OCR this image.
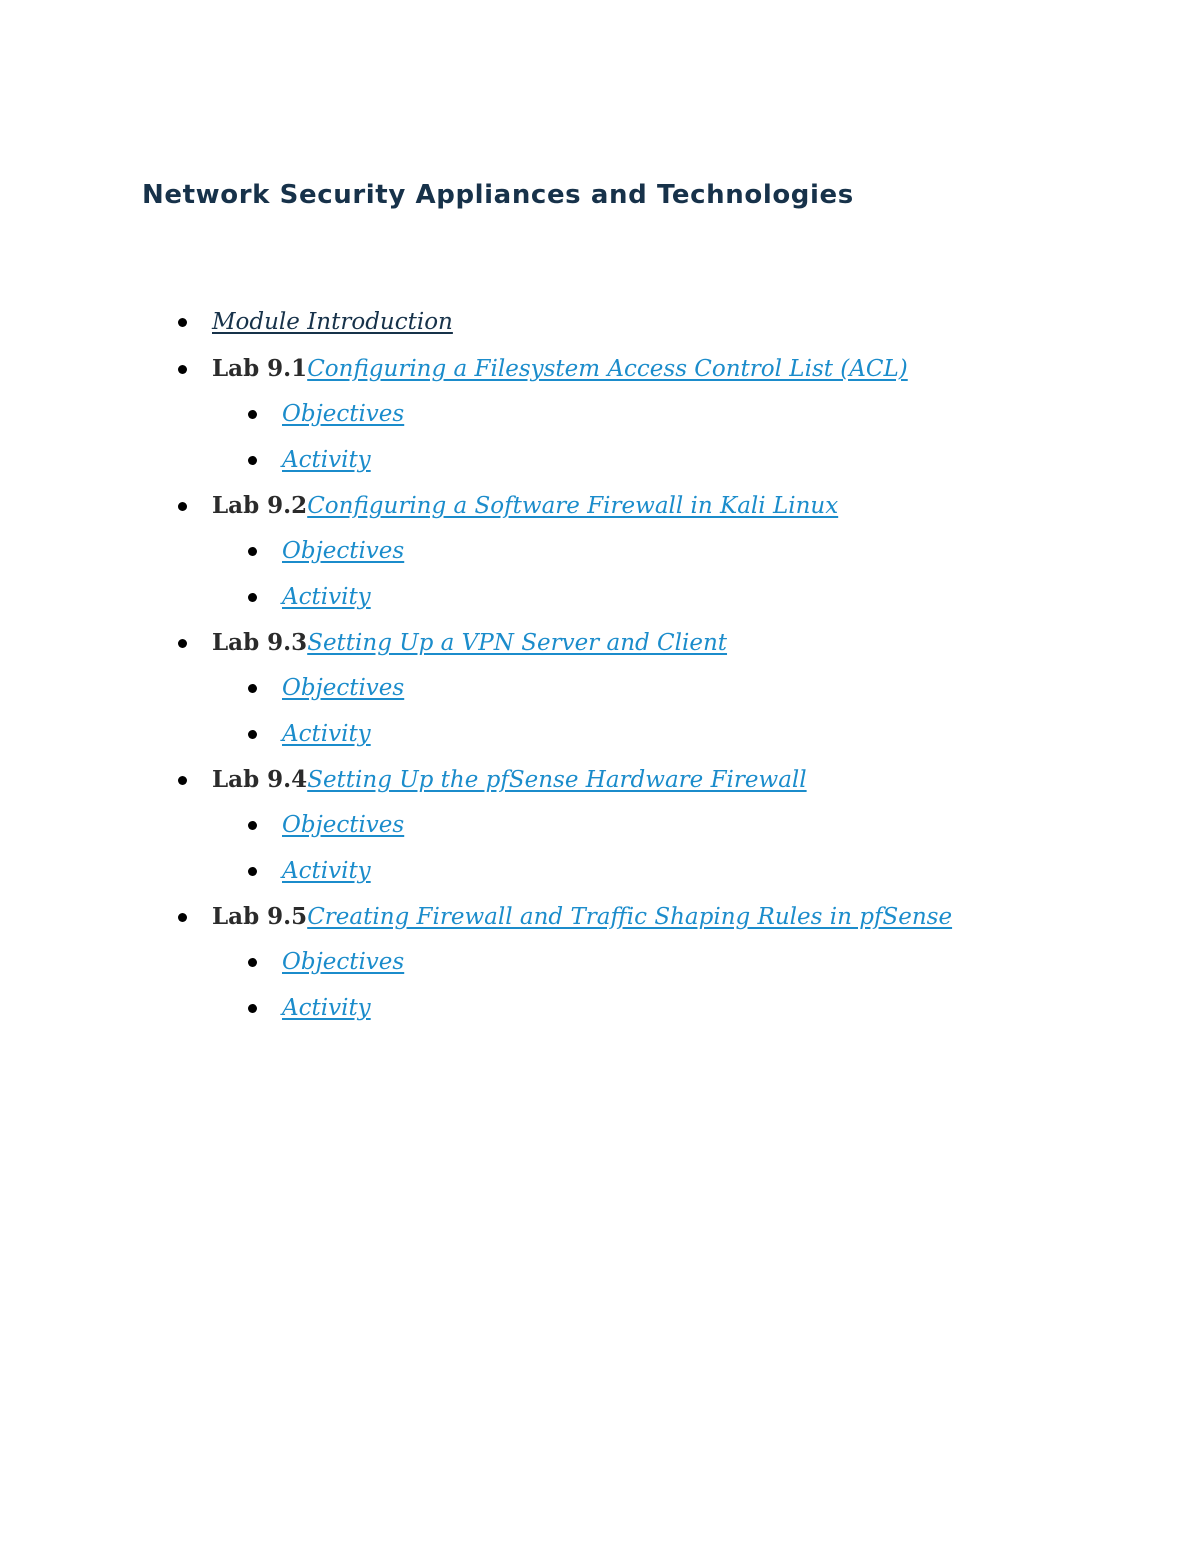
Network Security Appliances and Technologies
Module Introduction
Lab 9.1Configuring a Filesystem Access Control List (ACL)
Objectives
Activity
Lab 9.2Configuring a Software Firewall in Kali Linux
Objectives
Activity
Lab 9.3Setting Up a VPN Server and Client
Objectives
Activity
Lab 9.4Setting Up the pfSense Hardware Firewall
Objectives
Activity
Lab 9.5Creating Firewall and Traffic Shaping Rules in pfSense
Objectives
Activity
